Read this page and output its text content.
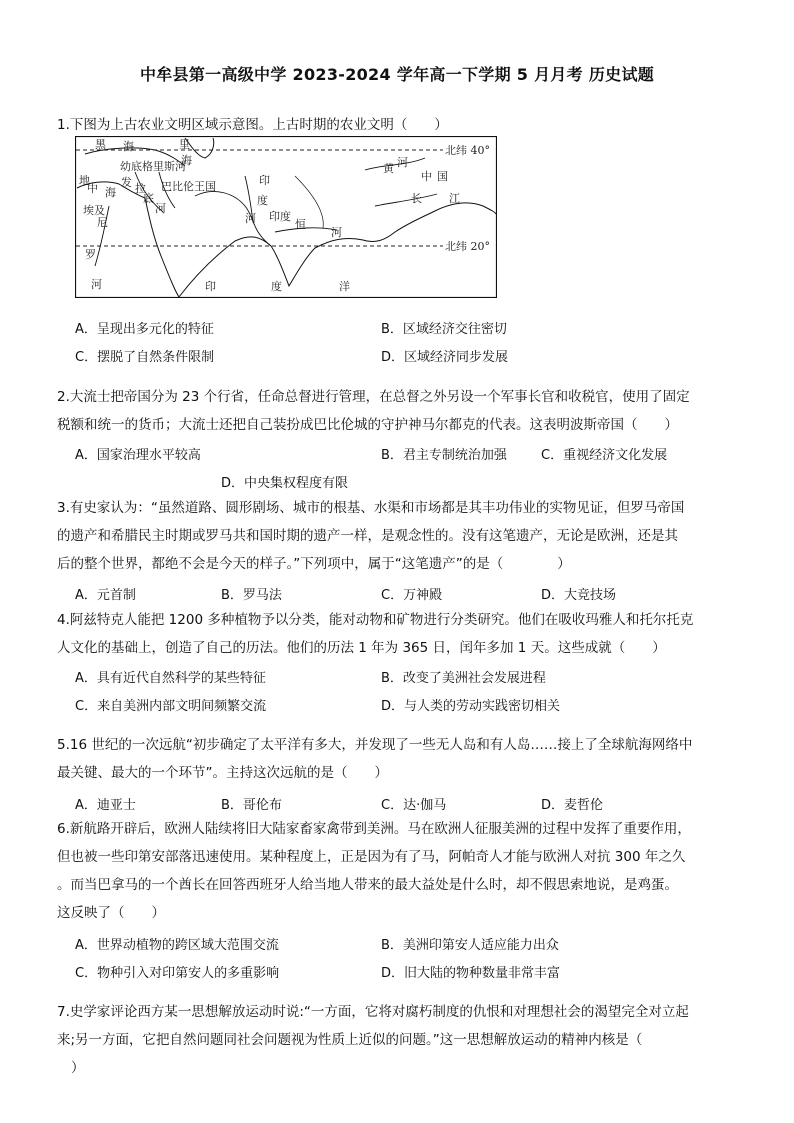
中牟县第一高级中学 2023-2024 学年高一下学期 5 月月考 历史试题
1.下图为上古农业文明区域示意图。上古时期的农业文明（　　）
黑 海	里
海
幼底格里斯河
地
中 海
发 拉
底
河
巴比伦王国
埃及
尼
罗
河
印
度
河 印度
恒
河
印	度	洋
黄 河
中 国
长 江
北纬 40°
北纬 20°
A．呈现出多元化的特征	B．区域经济交往密切
C．摆脱了自然条件限制	D．区域经济同步发展
2.大流士把帝国分为 23 个行省，任命总督进行管理，在总督之外另设一个军事长官和收税官，使用了固定
税额和统一的货币；大流士还把自己装扮成巴比伦城的守护神马尔都克的代表。这表明波斯帝国（　　）
A．国家治理水平较高	B．君主专制统治加强	C．重视经济文化发展
D．中央集权程度有限
3.有史家认为：“虽然道路、圆形剧场、城市的根基、水渠和市场都是其丰功伟业的实物见证，但罗马帝国
的遗产和希腊民主时期或罗马共和国时期的遗产一样，是观念性的。没有这笔遗产，无论是欧洲，还是其
后的整个世界，都绝不会是今天的样子。”下列项中，属于“这笔遗产”的是（　　　　）
A．元首制	B．罗马法	C．万神殿	D．大竞技场
4.阿兹特克人能把 1200 多种植物予以分类，能对动物和矿物进行分类研究。他们在吸收玛雅人和托尔托克
人文化的基础上，创造了自己的历法。他们的历法 1 年为 365 日，闰年多加 1 天。这些成就（　　）
A．具有近代自然科学的某些特征	B．改变了美洲社会发展进程
C．来自美洲内部文明间频繁交流	D．与人类的劳动实践密切相关
5.16 世纪的一次远航“初步确定了太平洋有多大，并发现了一些无人岛和有人岛……接上了全球航海网络中
最关键、最大的一个环节”。主持这次远航的是（　　）
A．迪亚士	B．哥伦布	C．达·伽马	D．麦哲伦
6.新航路开辟后，欧洲人陆续将旧大陆家畜家禽带到美洲。马在欧洲人征服美洲的过程中发挥了重要作用，
但也被一些印第安部落迅速使用。某种程度上，正是因为有了马，阿帕奇人才能与欧洲人对抗 300 年之久
。而当巴拿马的一个酋长在回答西班牙人给当地人带来的最大益处是什么时，却不假思索地说，是鸡蛋。
这反映了（　　）
A．世界动植物的跨区域大范围交流	B．美洲印第安人适应能力出众
C．物种引入对印第安人的多重影响	D．旧大陆的物种数量非常丰富
7.史学家评论西方某一思想解放运动时说:“一方面，它将对腐朽制度的仇恨和对理想社会的渴望完全对立起
来;另一方面，它把自然问题同社会问题视为性质上近似的问题。”这一思想解放运动的精神内核是（
）
